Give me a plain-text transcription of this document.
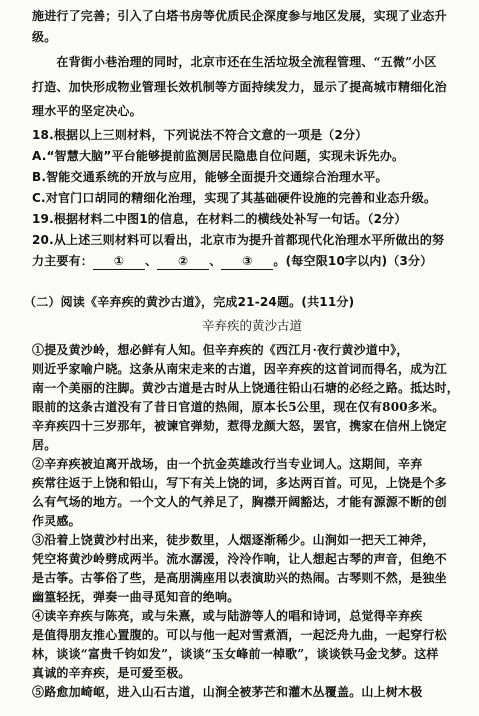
施进行了完善；引入了白塔书房等优质民企深度参与地区发展，实现了业态升
级。
　　在背街小巷治理的同时，北京市还在生活垃圾全流程管理、“五微”小区
打造、加快形成物业管理长效机制等方面持续发力，显示了提高城市精细化治
理水平的坚定决心。
18.根据以上三则材料，下列说法不符合文意的一项是（2分）
A.“智慧大脑”平台能够提前监测居民隐患自位问题，实现未诉先办。
B.智能交通系统的开放与应用，能够全面提升交通综合治理水平。
C.对官门口胡同的精细化治理，实现了其基础硬件设施的完善和业态升级。
19.根据材料二中图1的信息，在材料二的横线处补写一句话。（2分）
20.从上述三则材料可以看出，北京市为提升首都现代化治理水平所做出的努
力主要有： ① 、 ② 、 ③ 。(每空限10字以内)（3分）
（二）阅读《辛弃疾的黄沙古道》，完成21-24题。(共11分)
辛弃疾的黄沙古道
①提及黄沙岭，想必鲜有人知。但辛弃疾的《西江月·夜行黄沙道中》，
则近乎家喻户晓。这条从南宋走来的古道，因辛弃疾的这首词而得名，成为江
南一个美丽的注脚。黄沙古道是古时从上饶通往铅山石塘的必经之路。抵达时，
眼前的这条古道没有了昔日官道的热闹，原本长5公里，现在仅有800多米。
辛弃疾四十三岁那年，被谏官弹劾，惹得龙颜大怒，罢官，携家在信州上饶定
居。
②辛弃疾被迫离开战场，由一个抗金英雄改行当专业词人。这期间，辛弃
疾常往返于上饶和铅山，写下有关上饶的词，多达两百首。可见，上饶是个多
么有气场的地方。一个文人的气养足了，胸襟开阔豁达，才能有源源不断的创
作灵感。
③沿着上饶黄沙村出来，徒步数里，人烟逐渐稀少。山涧如一把天工神斧，
凭空将黄沙岭劈成两半。流水潺湲，泠泠作响，让人想起古琴的声音，但绝不
是古筝。古筝俗了些，是高朋满座用以表演助兴的热闹。古琴则不然，是独坐
幽篁轻抚，弹奏一曲寻觅知音的绝响。
④读辛弃疾与陈亮，或与朱熹，或与陆游等人的唱和诗词，总觉得辛弃疾
是值得朋友推心置腹的。可以与他一起对雪煮酒，一起泛舟九曲，一起穿行松
林，谈谈“富贵千钧如发”，谈谈“玉女峰前一棹歌”，谈谈铁马金戈梦。这样
真诚的辛弃疾，是可爱至极。
⑤路愈加崎岖，进入山石古道，山涧全被茅芒和灌木丛覆盖。山上树木极
